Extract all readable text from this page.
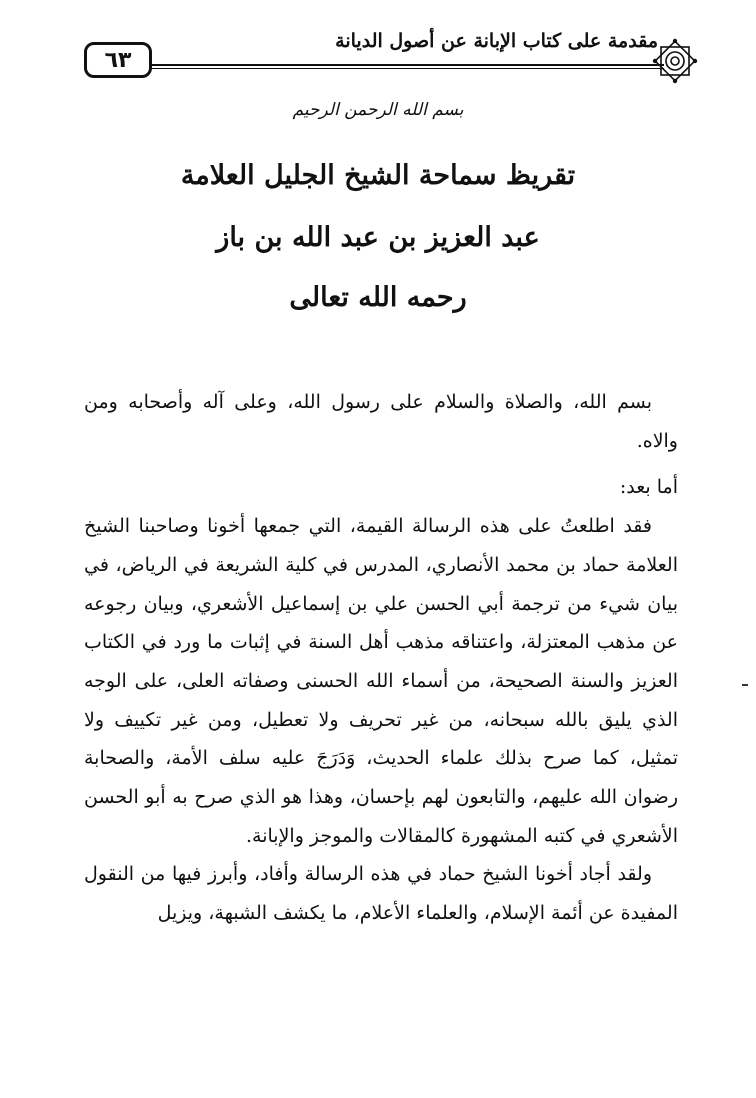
٦٣
مقدمة على كتاب الإبانة عن أصول الديانة
بسم الله الرحمن الرحيم
تقريظ سماحة الشيخ الجليل العلامة
عبد العزيز بن عبد الله بن باز
رحمه الله تعالى

بسم الله، والصلاة والسلام على رسول الله، وعلى آله وأصحابه ومن والاه.

أما بعد:

فقد اطلعتُ على هذه الرسالة القيمة، التي جمعها أخونا وصاحبنا الشيخ العلامة حماد بن محمد الأنصاري، المدرس في كلية الشريعة في الرياض، في بيان شيء من ترجمة أبي الحسن علي بن إسماعيل الأشعري، وبيان رجوعه عن مذهب المعتزلة، واعتناقه مذهب أهل السنة في إثبات ما ورد في الكتاب العزيز والسنة الصحيحة، من أسماء الله الحسنى وصفاته العلى، على الوجه الذي يليق بالله سبحانه، من غير تحريف ولا تعطيل، ومن غير تكييف ولا تمثيل، كما صرح بذلك علماء الحديث، وَدَرَجَ عليه سلف الأمة، والصحابة رضوان الله عليهم، والتابعون لهم بإحسان، وهذا هو الذي صرح به أبو الحسن الأشعري في كتبه المشهورة كالمقالات والموجز والإبانة.

ولقد أجاد أخونا الشيخ حماد في هذه الرسالة وأفاد، وأبرز فيها من النقول المفيدة عن أئمة الإسلام، والعلماء الأعلام، ما يكشف الشبهة، ويزيل
